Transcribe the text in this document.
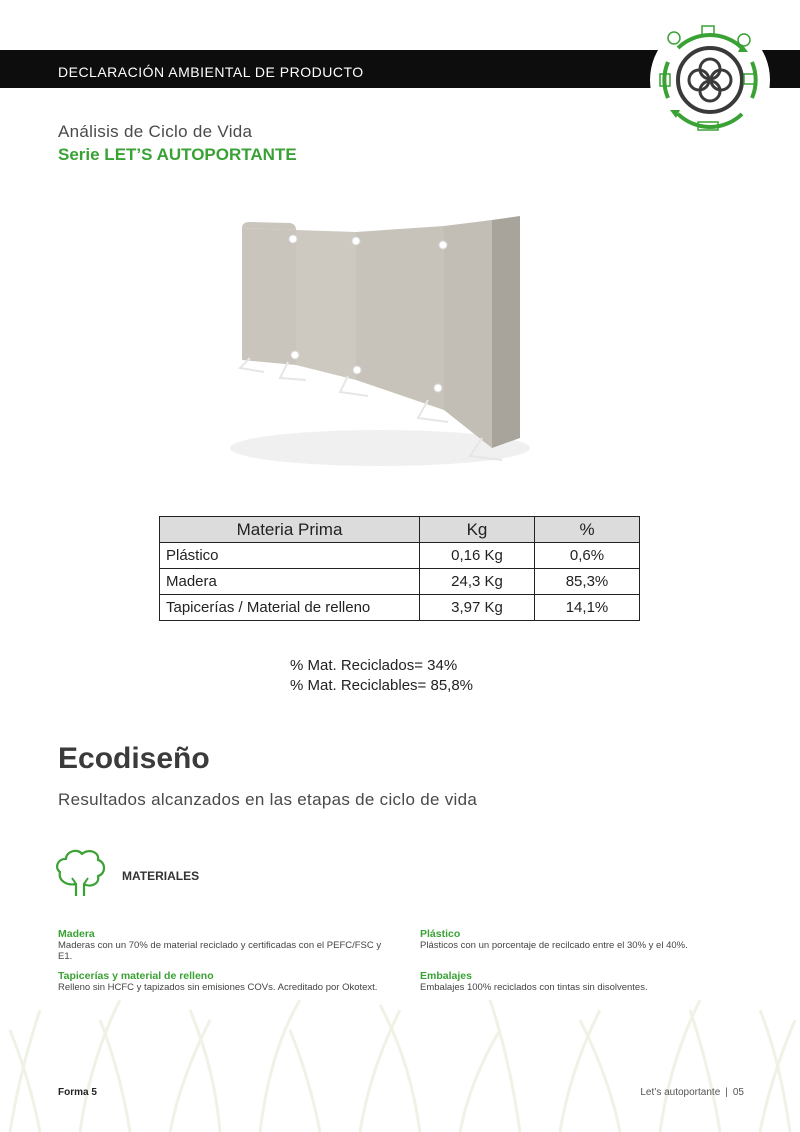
DECLARACIÓN AMBIENTAL DE PRODUCTO
Análisis de Ciclo de Vida
Serie LET’S AUTOPORTANTE
Materia Prima	Kg	%
Plástico	0,16 Kg	0,6%
Madera	24,3 Kg	85,3%
Tapicerías / Material de relleno	3,97 Kg	14,1%
% Mat. Reciclados= 34%
% Mat. Reciclables= 85,8%
Ecodiseño
Resultados alcanzados en las etapas de ciclo de vida
MATERIALES
Madera
Maderas con un 70% de material reciclado y certificadas con el PEFC/FSC y E1.
Plástico
Plásticos con un porcentaje de recilcado entre el 30% y el 40%.
Tapicerías y material de relleno
Relleno sin HCFC y tapizados sin emisiones COVs. Acreditado por Okotext.
Embalajes
Embalajes 100% reciclados con tintas sin disolventes.
Forma 5	Let’s autoportante | 05
